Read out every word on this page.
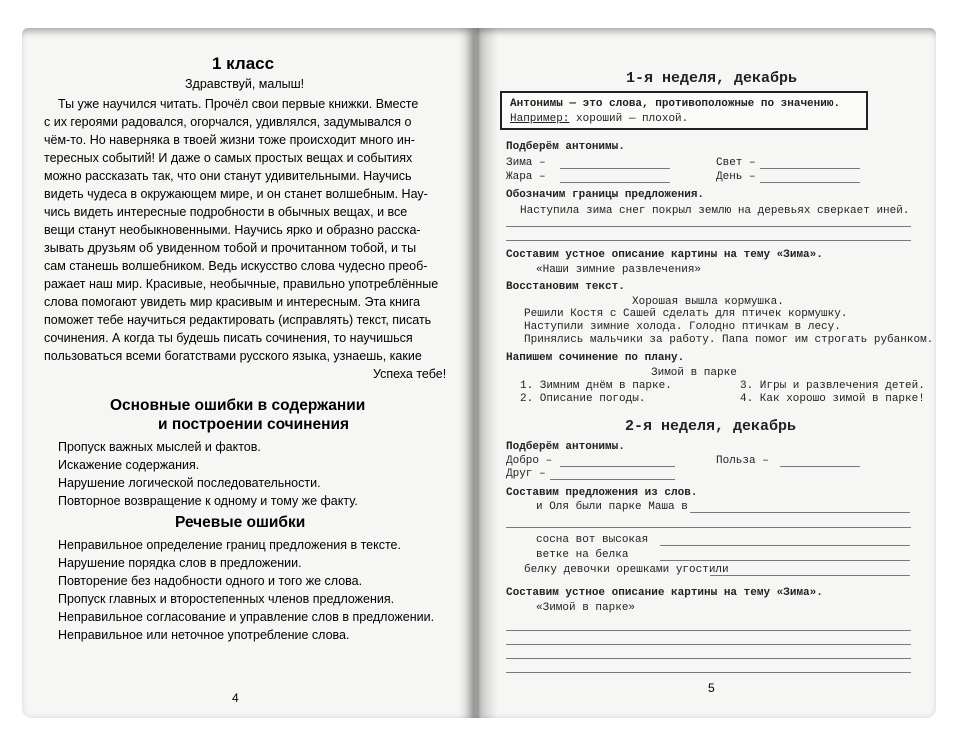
1 класс
Здравствуй, малыш!
Ты уже научился читать. Прочёл свои первые книжки. Вместе
с их героями радовался, огорчался, удивлялся, задумывался о
чём-то. Но наверняка в твоей жизни тоже происходит много ин-
тересных событий! И даже о самых простых вещах и событиях
можно рассказать так, что они станут удивительными. Научись
видеть чудеса в окружающем мире, и он станет волшебным. Нау-
чись видеть интересные подробности в обычных вещах, и все
вещи станут необыкновенными. Научись ярко и образно расска-
зывать друзьям об увиденном тобой и прочитанном тобой, и ты
сам станешь волшебником. Ведь искусство слова чудесно преоб-
ражает наш мир. Красивые, необычные, правильно употреблённые
слова помогают увидеть мир красивым и интересным. Эта книга
поможет тебе научиться редактировать (исправлять) текст, писать
сочинения. А когда ты будешь писать сочинения, то научишься
пользоваться всеми богатствами русского языка, узнаешь, какие
Успеха тебе!
Основные ошибки в содержании
и построении сочинения
Пропуск важных мыслей и фактов.
Искажение содержания.
Нарушение логической последовательности.
Повторное возвращение к одному и тому же факту.
Речевые ошибки
Неправильное определение границ предложения в тексте.
Нарушение порядка слов в предложении.
Повторение без надобности одного и того же слова.
Пропуск главных и второстепенных членов предложения.
Неправильное согласование и управление слов в предложении.
Неправильное или неточное употребление слова.
4
1-я неделя, декабрь
Антонимы — это слова, противоположные по значению.
Например: хороший — плохой.
Подберём антонимы.
Зима –	Свет –
Жара –	День –
Обозначим границы предложения.
Наступила зима снег покрыл землю на деревьях сверкает иней.
Составим устное описание картины на тему «Зима».
«Наши зимние развлечения»
Восстановим текст.
Хорошая вышла кормушка.
Решили Костя с Сашей сделать для птичек кормушку.
Наступили зимние холода. Голодно птичкам в лесу.
Принялись мальчики за работу. Папа помог им строгать рубанком.
Напишем сочинение по плану.
Зимой в парке
1. Зимним днём в парке.	3. Игры и развлечения детей.
2. Описание погоды.	4. Как хорошо зимой в парке!
2-я неделя, декабрь
Подберём антонимы.
Добро –	Польза –
Друг –
Составим предложения из слов.
и Оля были парке Маша в
сосна вот высокая
ветке на белка
белку девочки орешками угостили
Составим устное описание картины на тему «Зима».
«Зимой в парке»
5
